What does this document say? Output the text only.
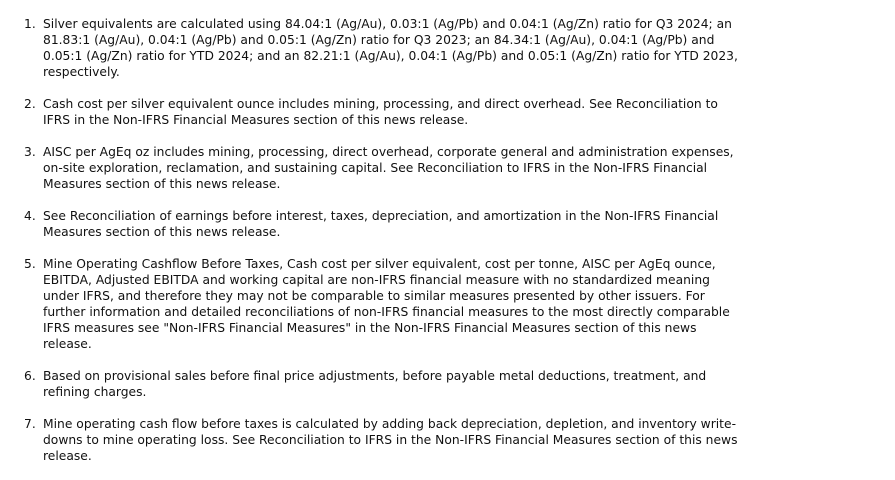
1. Silver equivalents are calculated using 84.04:1 (Ag/Au), 0.03:1 (Ag/Pb) and 0.04:1 (Ag/Zn) ratio for Q3 2024; an 81.83:1 (Ag/Au), 0.04:1 (Ag/Pb) and 0.05:1 (Ag/Zn) ratio for Q3 2023; an 84.34:1 (Ag/Au), 0.04:1 (Ag/Pb) and 0.05:1 (Ag/Zn) ratio for YTD 2024; and an 82.21:1 (Ag/Au), 0.04:1 (Ag/Pb) and 0.05:1 (Ag/Zn) ratio for YTD 2023, respectively.
2. Cash cost per silver equivalent ounce includes mining, processing, and direct overhead. See Reconciliation to IFRS in the Non-IFRS Financial Measures section of this news release.
3. AISC per AgEq oz includes mining, processing, direct overhead, corporate general and administration expenses, on-site exploration, reclamation, and sustaining capital. See Reconciliation to IFRS in the Non-IFRS Financial Measures section of this news release.
4. See Reconciliation of earnings before interest, taxes, depreciation, and amortization in the Non-IFRS Financial Measures section of this news release.
5. Mine Operating Cashflow Before Taxes, Cash cost per silver equivalent, cost per tonne, AISC per AgEq ounce, EBITDA, Adjusted EBITDA and working capital are non-IFRS financial measure with no standardized meaning under IFRS, and therefore they may not be comparable to similar measures presented by other issuers. For further information and detailed reconciliations of non-IFRS financial measures to the most directly comparable IFRS measures see "Non-IFRS Financial Measures" in the Non-IFRS Financial Measures section of this news release.
6. Based on provisional sales before final price adjustments, before payable metal deductions, treatment, and refining charges.
7. Mine operating cash flow before taxes is calculated by adding back depreciation, depletion, and inventory write-downs to mine operating loss. See Reconciliation to IFRS in the Non-IFRS Financial Measures section of this news release.
